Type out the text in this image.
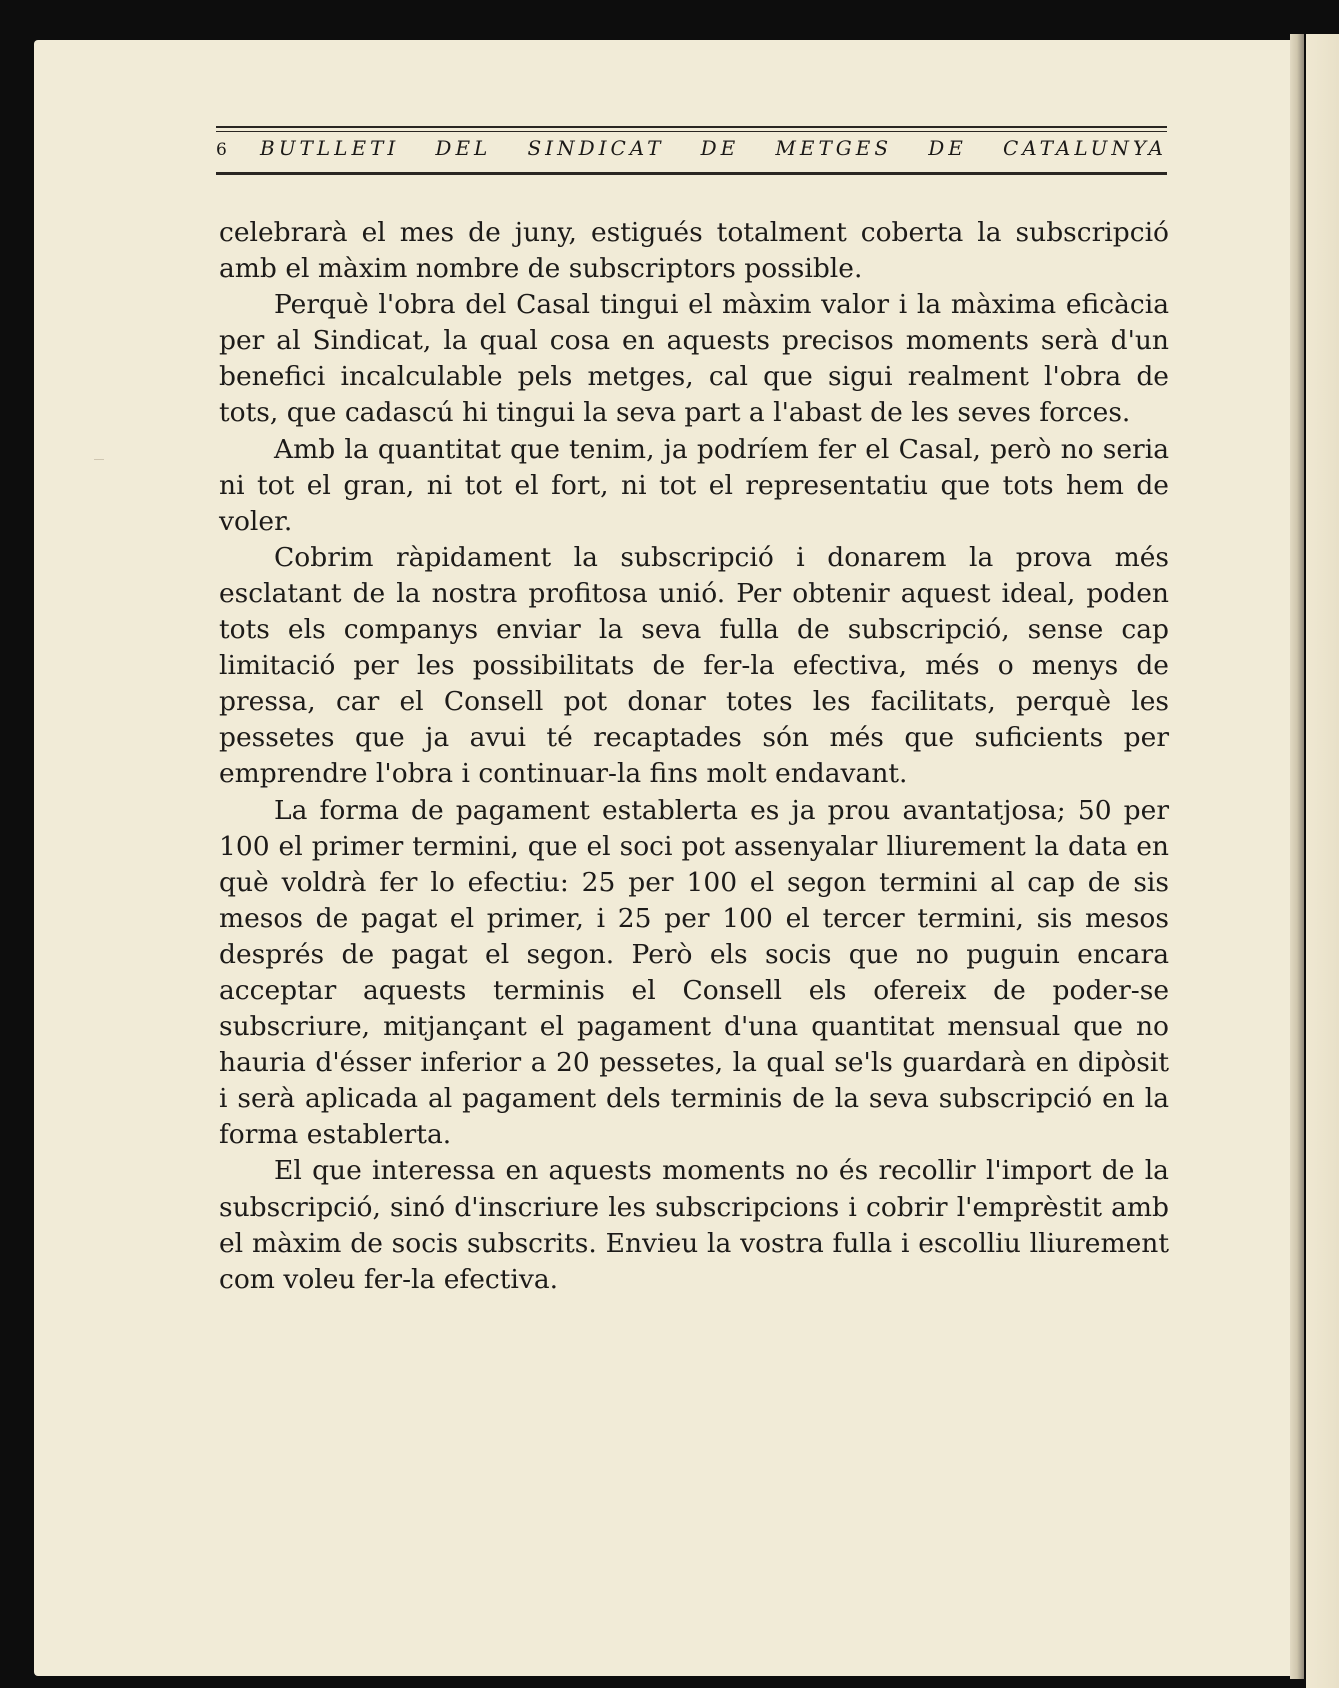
6	BUTLLETI DEL SINDICAT DE METGES DE CATALUNYA

celebrarà el mes de juny, estigués totalment coberta la subscripció amb el màxim nombre de subscriptors possible.

Perquè l'obra del Casal tingui el màxim valor i la màxima eficàcia per al Sindicat, la qual cosa en aquests precisos moments serà d'un benefici incalculable pels metges, cal que sigui realment l'obra de tots, que cadascú hi tingui la seva part a l'abast de les seves forces.

Amb la quantitat que tenim, ja podríem fer el Casal, però no seria ni tot el gran, ni tot el fort, ni tot el representatiu que tots hem de voler.

Cobrim ràpidament la subscripció i donarem la prova més esclatant de la nostra profitosa unió. Per obtenir aquest ideal, poden tots els companys enviar la seva fulla de subscripció, sense cap limitació per les possibilitats de fer-la efectiva, més o menys de pressa, car el Consell pot donar totes les facilitats, perquè les pessetes que ja avui té recaptades són més que suficients per emprendre l'obra i continuar-la fins molt endavant.

La forma de pagament establerta es ja prou avantatjosa; 50 per 100 el primer termini, que el soci pot assenyalar lliurement la data en què voldrà fer lo efectiu: 25 per 100 el segon termini al cap de sis mesos de pagat el primer, i 25 per 100 el tercer termini, sis mesos després de pagat el segon. Però els socis que no puguin encara acceptar aquests terminis el Consell els ofereix de poder-se subscriure, mitjançant el pagament d'una quantitat mensual que no hauria d'ésser inferior a 20 pessetes, la qual se'ls guardarà en dipòsit i serà aplicada al pagament dels terminis de la seva subscripció en la forma establerta.

El que interessa en aquests moments no és recollir l'import de la subscripció, sinó d'inscriure les subscripcions i cobrir l'emprèstit amb el màxim de socis subscrits. Envieu la vostra fulla i escolliu lliurement com voleu fer-la efectiva.
